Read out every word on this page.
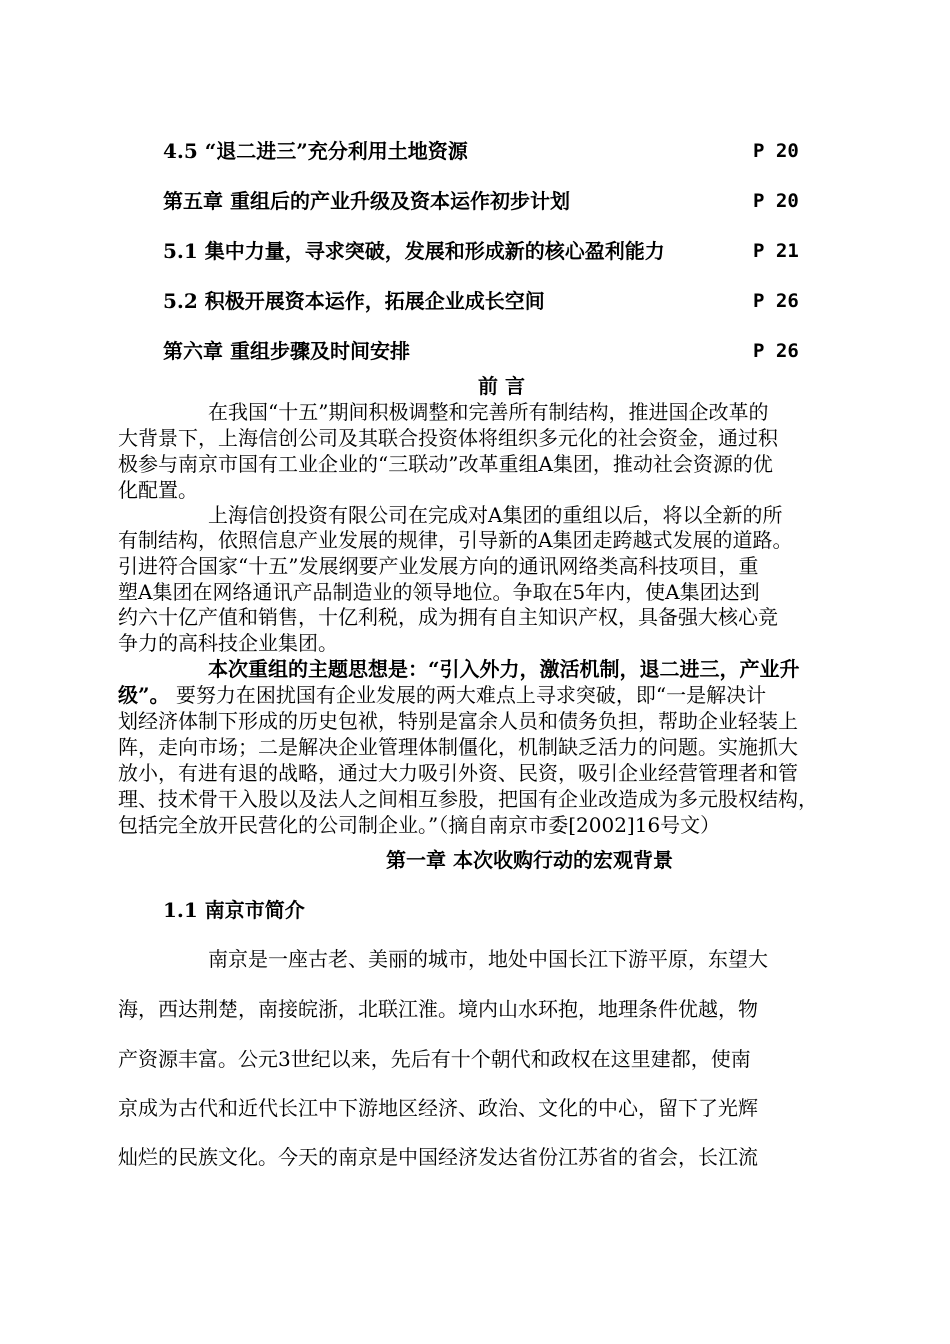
4.5 “退二进三”充分利用土地资源	P 20
第五章 重组后的产业升级及资本运作初步计划	P 20
5.1 集中力量，寻求突破，发展和形成新的核心盈利能力	P 21
5.2 积极开展资本运作，拓展企业成长空间	P 26
第六章 重组步骤及时间安排	P 26
前 言
在我国“十五”期间积极调整和完善所有制结构，推进国企改革的
大背景下，上海信创公司及其联合投资体将组织多元化的社会资金，通过积
极参与南京市国有工业企业的“三联动”改革重组A集团，推动社会资源的优
化配置。
上海信创投资有限公司在完成对A集团的重组以后，将以全新的所
有制结构，依照信息产业发展的规律，引导新的A集团走跨越式发展的道路。
引进符合国家“十五”发展纲要产业发展方向的通讯网络类高科技项目，重
塑A集团在网络通讯产品制造业的领导地位。争取在5年内，使A集团达到
约六十亿产值和销售，十亿利税，成为拥有自主知识产权，具备强大核心竞
争力的高科技企业集团。
本次重组的主题思想是：“引入外力，激活机制，退二进三，产业升
级”。 要努力在困扰国有企业发展的两大难点上寻求突破，即“一是解决计
划经济体制下形成的历史包袱，特别是富余人员和债务负担，帮助企业轻装上
阵，走向市场；二是解决企业管理体制僵化，机制缺乏活力的问题。实施抓大
放小，有进有退的战略，通过大力吸引外资、民资，吸引企业经营管理者和管
理、技术骨干入股以及法人之间相互参股，把国有企业改造成为多元股权结构，
包括完全放开民营化的公司制企业。”（摘自南京市委[2002]16号文）
第一章 本次收购行动的宏观背景
1.1 南京市简介
南京是一座古老、美丽的城市，地处中国长江下游平原，东望大
海，西达荆楚，南接皖浙，北联江淮。境内山水环抱，地理条件优越，物
产资源丰富。公元3世纪以来，先后有十个朝代和政权在这里建都，使南
京成为古代和近代长江中下游地区经济、政治、文化的中心，留下了光辉
灿烂的民族文化。今天的南京是中国经济发达省份江苏省的省会，长江流
